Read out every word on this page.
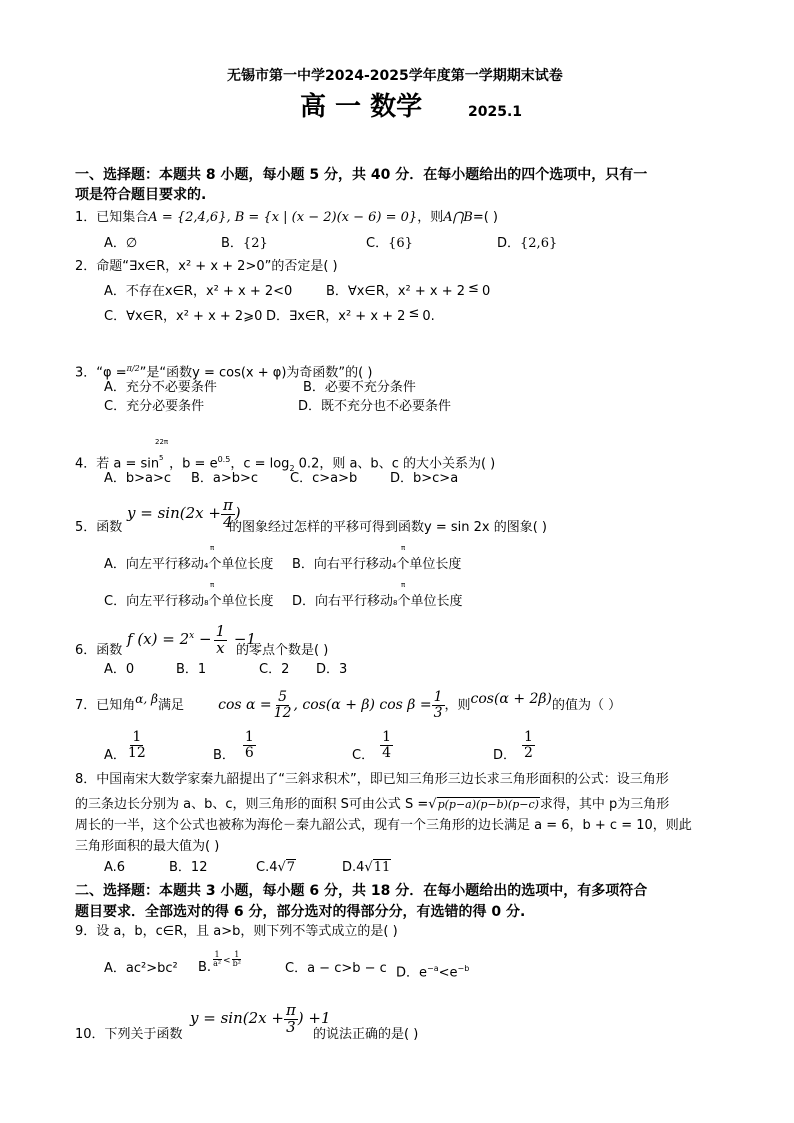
无锡市第一中学2024-2025学年度第一学期期末试卷
高 一 数学	2025.1
一、选择题：本题共 8 小题，每小题 5 分，共 40 分．在每小题给出的四个选项中，只有一
项是符合题目要求的.
1．已知集合A = {2,4,6}, B = {x | (x − 2)(x − 6) = 0}，则A⋂B=( )
A．∅	B．{2}	C．{6}	D．{2,6}
2．命题“∃x∈R，x² + x + 2>0”的否定是( )
A．不存在x∈R，x² + x + 2<0	B．∀x∈R，x² + x + 2 ≤ 0
C．∀x∈R，x² + x + 2⩾0 D．∃x∈R，x² + x + 2 ≤ 0.
3．“φ =$^{\pi/2}$”是“函数y = cos(x + φ)为奇函数”的( )
A．充分不必要条件	B．必要不充分条件
C．充分必要条件	D．既不充分也不必要条件
22π
5
4．若 a = sin ，$b = e^{0.5}$，$c = \log_2 0.2$，则 a、b、c 的大小关系为( )
A．b>a>c B．a>b>c C．c>a>b	D．b>c>a
$y = \sin(2x + \frac{\pi}{4}$ )
5．函数	的图象经过怎样的平移可得到函数y = sin 2x 的图象( )
A．向左平行移动4个单位长度
π
B．向右平行移动4个单位长度
π
C．向左平行移动8个单位长度
π
D．向右平行移动8个单位长度
π
f $(x) = 2^x - \frac{1}{x} -1$
6．函数	的零点个数是( )
A．0	B．1	C．2 D．3
7．已知角α, β满足 $\cos \alpha = \frac{5}{12}$ , cos(α + β) $\cos \beta = \frac{1}{3}$ ，则cos(α + 2β)的值为（ ）
A． $\frac{1}{12}$	B． $\frac{1}{6}$	C． $\frac{1}{4}$	D． $\frac{1}{2}$
8．中国南宋大数学家秦九韶提出了“三斜求积术”，即已知三角形三边长求三角形面积的公式：设三角形
的三条边长分别为 a、b、c，则三角形的面积 S可由公式 S =√p(p−a)(p−b)(p−c)求得，其中 p为三角形
周长的一半，这个公式也被称为海伦－秦九韶公式，现有一个三角形的边长满足 a = 6，b + c = 10，则此
三角形面积的最大值为( )
A.6	B．12	C.4√7	D.4√11
二、选择题：本题共 3 小题，每小题 6 分，共 18 分．在每小题给出的选项中，有多项符合
题目要求．全部选对的得 6 分，部分选对的得部分分，有选错的得 0 分.
9．设 a，b，c∈R，且 a>b，则下列不等式成立的是( )
A．ac²>bc² B. $\frac{1}{\text{a²}} < \frac{1}{\text{b²}}$
C．a − c>b − c D．$e^{-a}<e^{-b}$
$y = \sin(2x + \frac{\pi}{3}$ ) +1
10．下列关于函数	的说法正确的是( )
